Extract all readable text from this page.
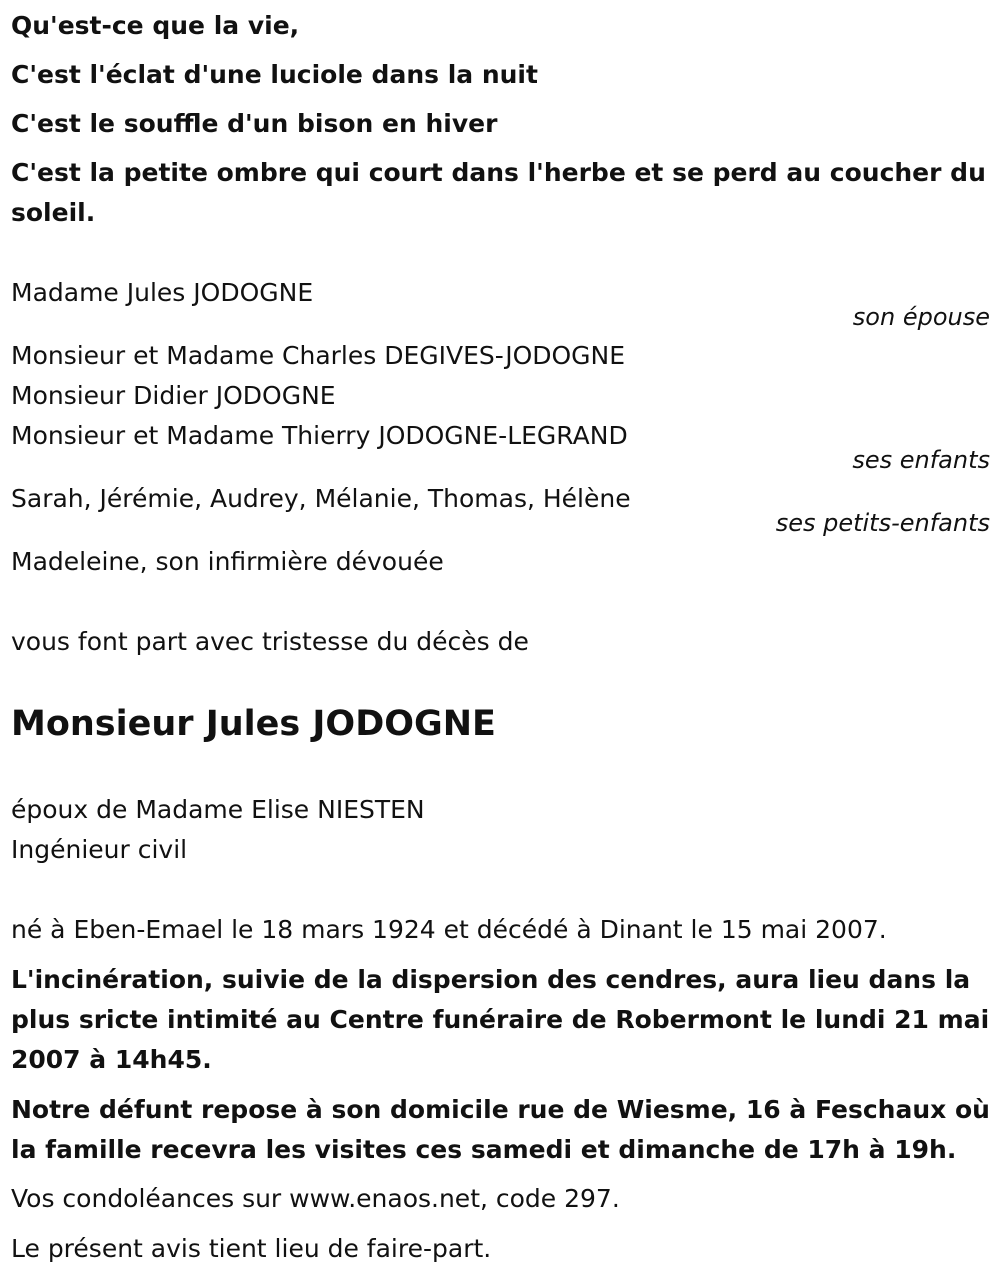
Qu'est-ce que la vie,
C'est l'éclat d'une luciole dans la nuit
C'est le souffle d'un bison en hiver
C'est la petite ombre qui court dans l'herbe et se perd au coucher du
soleil.
Madame Jules JODOGNE
son épouse
Monsieur et Madame Charles DEGIVES-JODOGNE
Monsieur Didier JODOGNE
Monsieur et Madame Thierry JODOGNE-LEGRAND
ses enfants
Sarah, Jérémie, Audrey, Mélanie, Thomas, Hélène
ses petits-enfants
Madeleine, son infirmière dévouée
vous font part avec tristesse du décès de
Monsieur Jules JODOGNE
époux de Madame Elise NIESTEN
Ingénieur civil
né à Eben-Emael le 18 mars 1924 et décédé à Dinant le 15 mai 2007.
L'incinération, suivie de la dispersion des cendres, aura lieu dans la
plus sricte intimité au Centre funéraire de Robermont le lundi 21 mai
2007 à 14h45.
Notre défunt repose à son domicile rue de Wiesme, 16 à Feschaux où
la famille recevra les visites ces samedi et dimanche de 17h à 19h.
Vos condoléances sur www.enaos.net, code 297.
Le présent avis tient lieu de faire-part.
